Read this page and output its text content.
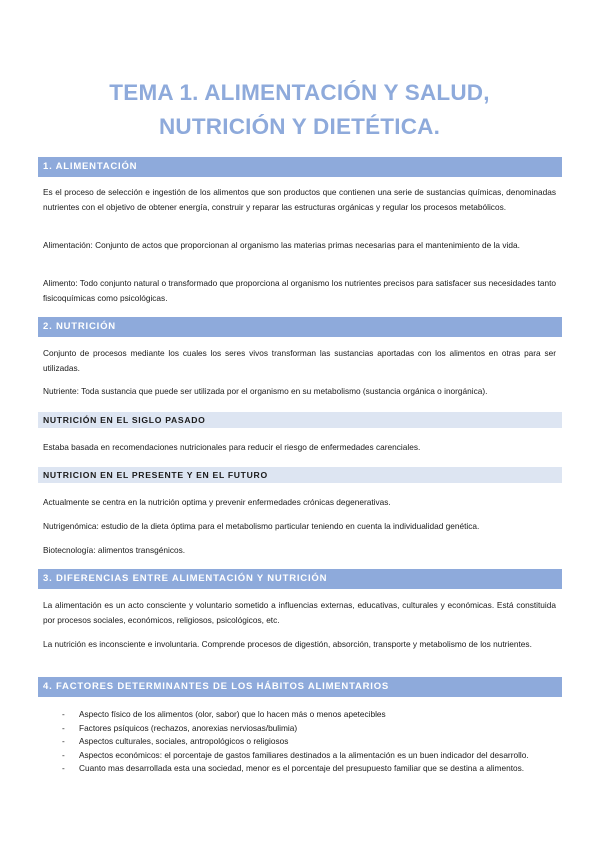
TEMA 1. ALIMENTACIÓN Y SALUD,
NUTRICIÓN Y DIETÉTICA.
1. ALIMENTACIÓN

Es el proceso de selección e ingestión de los alimentos que son productos que contienen una serie de sustancias químicas, denominadas nutrientes con el objetivo de obtener energía, construir y reparar las estructuras orgánicas y regular los procesos metabólicos.

Alimentación: Conjunto de actos que proporcionan al organismo las materias primas necesarias para el mantenimiento de la vida.

Alimento: Todo conjunto natural o transformado que proporciona al organismo los nutrientes precisos para satisfacer sus necesidades tanto fisicoquímicas como psicológicas.

2. NUTRICIÓN

Conjunto de procesos mediante los cuales los seres vivos transforman las sustancias aportadas con los alimentos en otras para ser utilizadas.

Nutriente: Toda sustancia que puede ser utilizada por el organismo en su metabolismo (sustancia orgánica o inorgánica).

NUTRICIÓN EN EL SIGLO PASADO

Estaba basada en recomendaciones nutricionales para reducir el riesgo de enfermedades carenciales.

NUTRICION EN EL PRESENTE Y EN EL FUTURO

Actualmente se centra en la nutrición optima y prevenir enfermedades crónicas degenerativas.

Nutrigenómica: estudio de la dieta óptima para el metabolismo particular teniendo en cuenta la individualidad genética.

Biotecnología: alimentos transgénicos.

3. DIFERENCIAS ENTRE ALIMENTACIÓN Y NUTRICIÓN

La alimentación es un acto consciente y voluntario sometido a influencias externas, educativas, culturales y económicas. Está constituida por procesos sociales, económicos, religiosos, psicológicos, etc.

La nutrición es inconsciente e involuntaria. Comprende procesos de digestión, absorción, transporte y metabolismo de los nutrientes.

4. FACTORES DETERMINANTES DE LOS HÁBITOS ALIMENTARIOS
- Aspecto físico de los alimentos (olor, sabor) que lo hacen más o menos apetecibles
- Factores psíquicos (rechazos, anorexias nerviosas/bulimia)
- Aspectos culturales, sociales, antropológicos o religiosos
- Aspectos económicos: el porcentaje de gastos familiares destinados a la alimentación es un buen indicador del desarrollo.
- Cuanto mas desarrollada esta una sociedad, menor es el porcentaje del presupuesto familiar que se destina a alimentos.
